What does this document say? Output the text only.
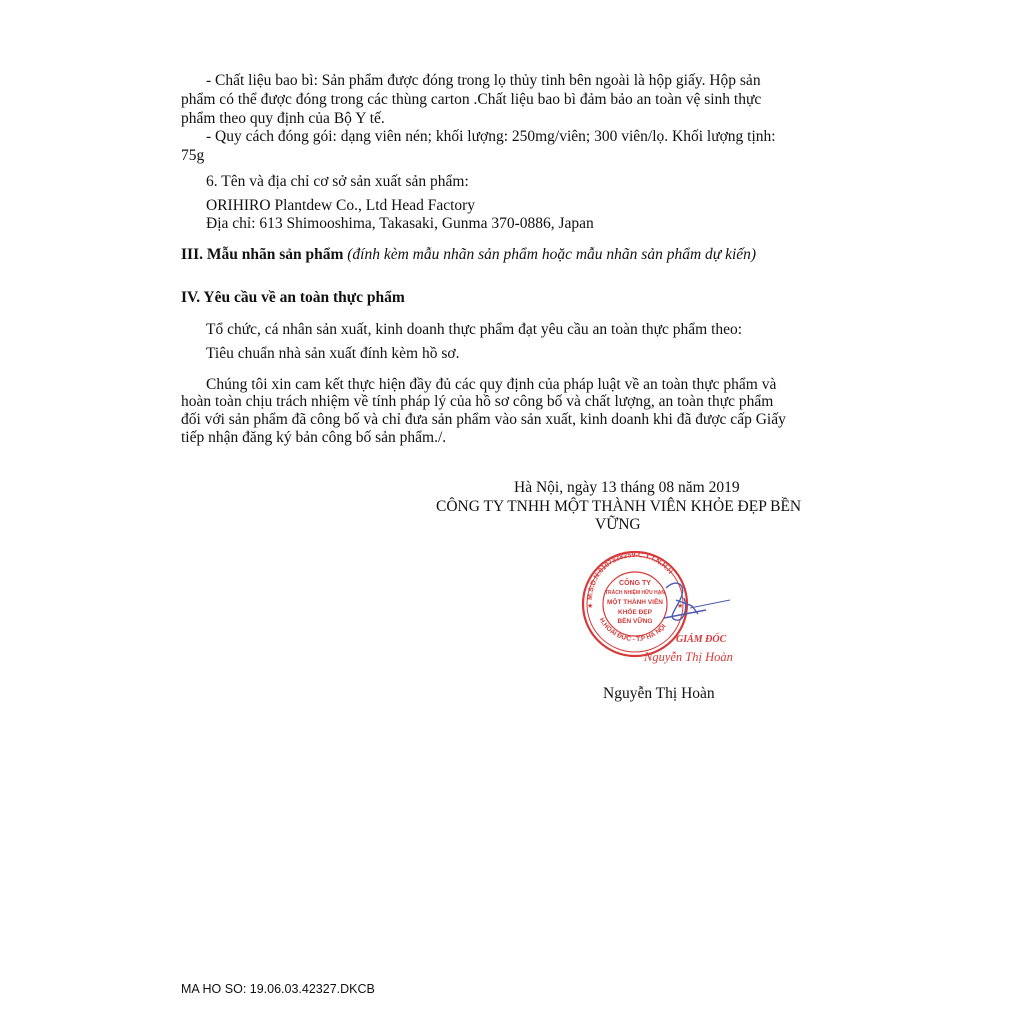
- Chất liệu bao bì: Sản phẩm được đóng trong lọ thủy tinh bên ngoài là hộp giấy. Hộp sản
phẩm có thể được đóng trong các thùng carton .Chất liệu bao bì đảm bảo an toàn vệ sinh thực
phẩm theo quy định của Bộ Y tế.
- Quy cách đóng gói: dạng viên nén; khối lượng: 250mg/viên; 300 viên/lọ. Khối lượng tịnh:
75g
6. Tên và địa chỉ cơ sở sản xuất sản phẩm:
ORIHIRO Plantdew Co., Ltd Head Factory
Địa chỉ: 613 Shimooshima, Takasaki, Gunma 370-0886, Japan
III. Mẫu nhãn sản phẩm (đính kèm mẫu nhãn sản phẩm hoặc mẫu nhãn sản phẩm dự kiến)
IV. Yêu cầu về an toàn thực phẩm
Tổ chức, cá nhân sản xuất, kinh doanh thực phẩm đạt yêu cầu an toàn thực phẩm theo:
Tiêu chuẩn nhà sản xuất đính kèm hồ sơ.
Chúng tôi xin cam kết thực hiện đầy đủ các quy định của pháp luật về an toàn thực phẩm và
hoàn toàn chịu trách nhiệm về tính pháp lý của hồ sơ công bố và chất lượng, an toàn thực phẩm
đối với sản phẩm đã công bố và chỉ đưa sản phẩm vào sản xuất, kinh doanh khi đã được cấp Giấy
tiếp nhận đăng ký bản công bố sản phẩm./.
Hà Nội, ngày 13 tháng 08 năm 2019
CÔNG TY TNHH MỘT THÀNH VIÊN KHỎE ĐẸP BỀN
VỮNG
M.S.D.N:0107328259-C.T.T.N.H.H
H.HOÀI ĐỨC - T.P HÀ NỘI
CÔNG TY
TRÁCH NHIỆM HỮU HẠN
MỘT THÀNH VIÊN
KHỎE ĐẸP
BỀN VỮNG
★	★
GIÁM ĐỐC
Nguyễn Thị Hoàn
Nguyễn Thị Hoàn
MA HO SO: 19.06.03.42327.DKCB
